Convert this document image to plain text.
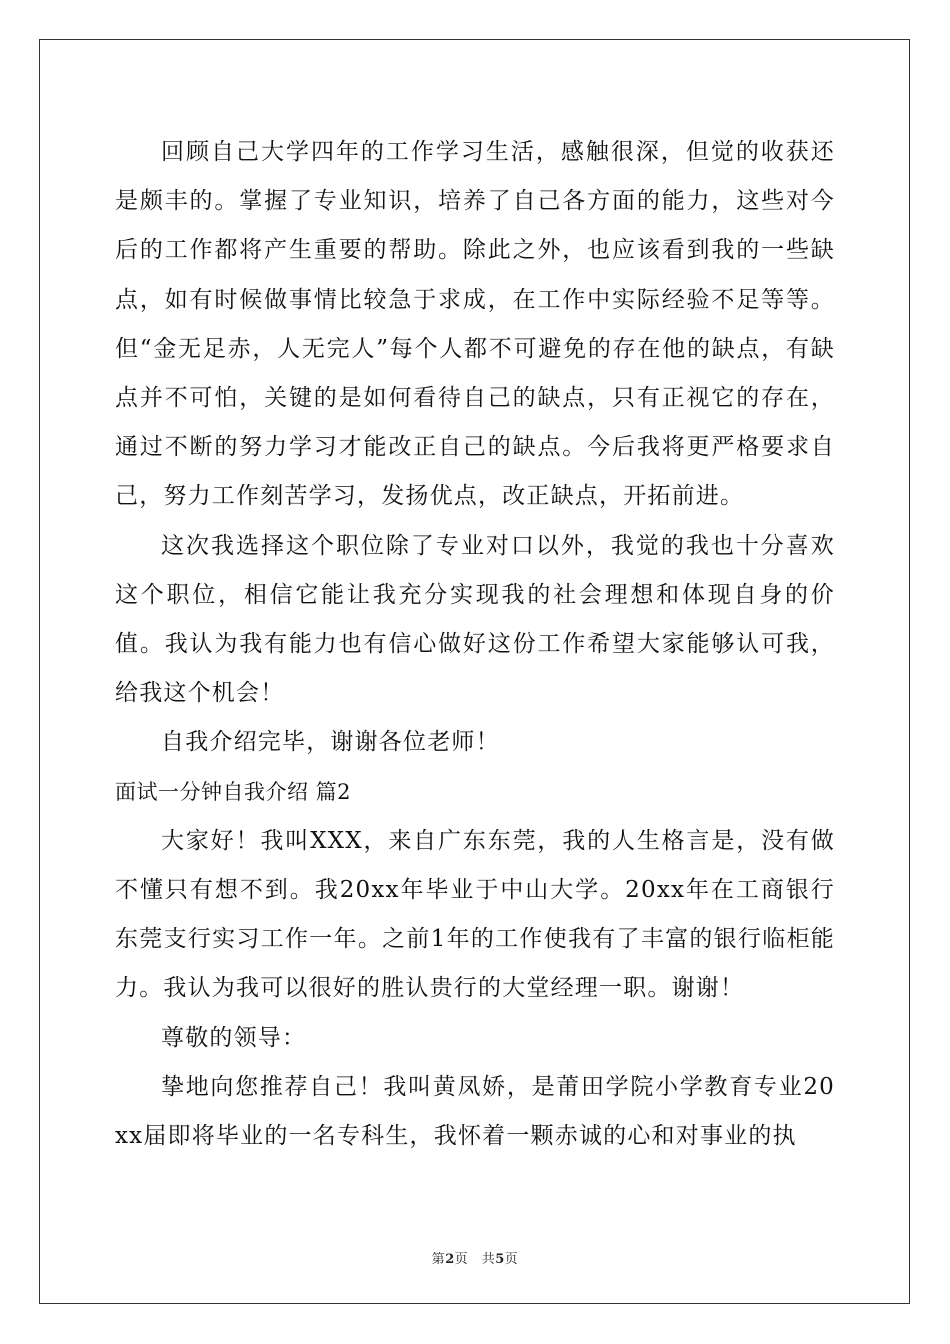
回顾自己大学四年的工作学习生活，感触很深，但觉的收获还是颇丰的。掌握了专业知识，培养了自己各方面的能力，这些对今后的工作都将产生重要的帮助。除此之外，也应该看到我的一些缺点，如有时候做事情比较急于求成，在工作中实际经验不足等等。但“金无足赤，人无完人”每个人都不可避免的存在他的缺点，有缺点并不可怕，关键的是如何看待自己的缺点，只有正视它的存在，通过不断的努力学习才能改正自己的缺点。今后我将更严格要求自己，努力工作刻苦学习，发扬优点，改正缺点，开拓前进。

这次我选择这个职位除了专业对口以外，我觉的我也十分喜欢这个职位，相信它能让我充分实现我的社会理想和体现自身的价值。我认为我有能力也有信心做好这份工作希望大家能够认可我，给我这个机会！

自我介绍完毕，谢谢各位老师！

面试一分钟自我介绍 篇2

大家好！我叫XXX，来自广东东莞，我的人生格言是，没有做不懂只有想不到。我20xx年毕业于中山大学。20xx年在工商银行东莞支行实习工作一年。之前1年的工作使我有了丰富的银行临柜能力。我认为我可以很好的胜认贵行的大堂经理一职。谢谢！

尊敬的领导：

挚地向您推荐自己！我叫黄凤娇，是莆田学院小学教育专业20xx届即将毕业的一名专科生，我怀着一颗赤诚的心和对事业的执

第2页　共5页
